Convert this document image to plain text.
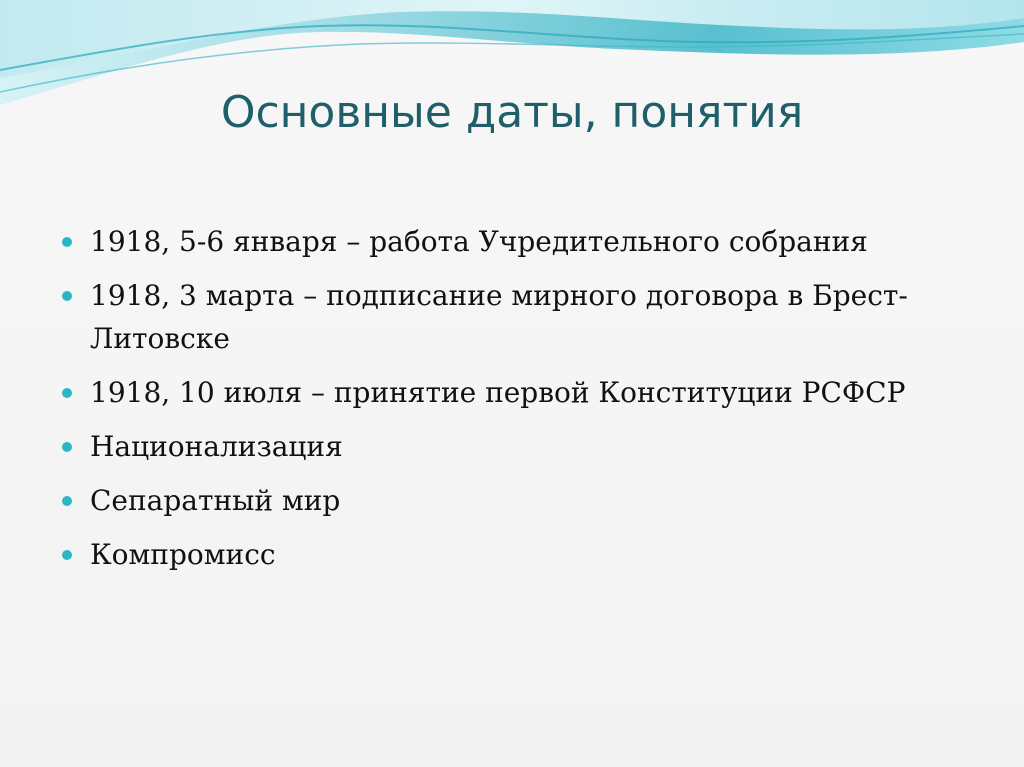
Основные даты, понятия
1918, 5-6 января – работа Учредительного собрания
1918, 3 марта – подписание мирного договора в Брест-Литовске
1918, 10 июля – принятие первой Конституции РСФСР
Национализация
Сепаратный мир
Компромисс
